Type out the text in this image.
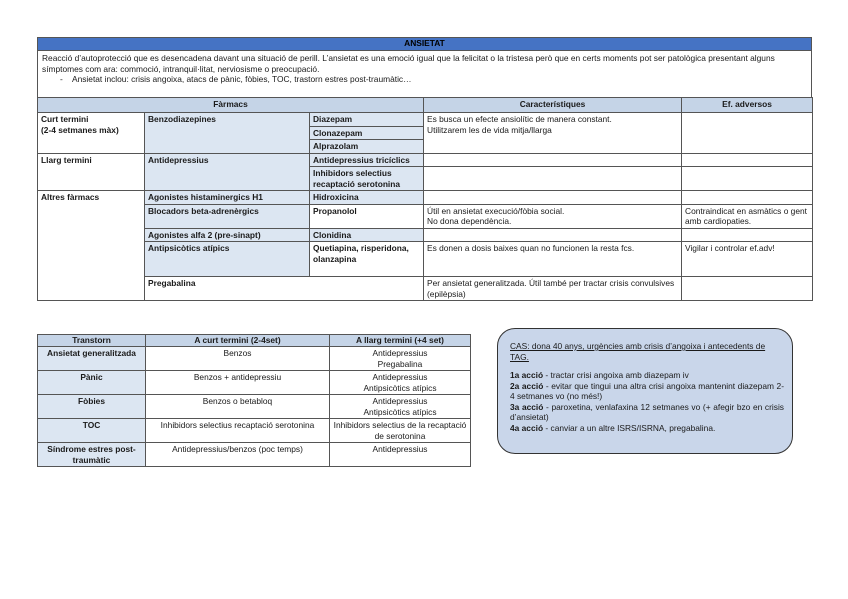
ANSIETAT

Reacció d’autoprotecció que es desencadena davant una situació de perill. L’ansietat es una emoció igual que la felicitat o la tristesa però que en certs moments pot ser patològica presentant alguns símptomes com ara: commoció, intranquil·litat, nerviosisme o preocupació.
- Ansietat inclou: crisis angoixa, atacs de pànic, fòbies, TOC, trastorn estres post-traumàtic…
Fàrmacs			Característiques	Ef. adversos
Curt termini
(2-4 setmanes màx)	Benzodiazepines	Diazepam	Es busca un efecte ansiolític de manera constant.
Utilitzarem les de vida mitja/llarga	
		Clonazepam		
		Alprazolam		
Llarg termini	Antidepressius	Antidepressius tricíclics		
		Inhibidors selectius recaptació serotonina		
Altres fàrmacs	Agonistes histaminergics H1	Hidroxicina		
	Blocadors beta-adrenèrgics	Propanolol	Útil en ansietat execució/fòbia social.
No dona dependència.	Contraindicat en asmàtics o gent amb cardiopaties.
	Agonistes alfa 2 (pre-sinapt)	Clonidina		
	Antipsicòtics atípics	Quetiapina, risperidona, olanzapina	Es donen a dosis baixes quan no funcionen la resta fcs.	Vigilar i controlar ef.adv!
	Pregabalina		Per ansietat generalitzada. Útil també per tractar crisis convulsives (epilèpsia)	
Transtorn	A curt termini (2-4set)	A llarg termini (+4 set)
Ansietat generalitzada	Benzos	Antidepressius
Pregabalina
Pànic	Benzos + antidepressiu	Antidepressius
Antipsicòtics atípics
Fòbies	Benzos o betabloq	Antidepressius
Antipsicòtics atípics
TOC	Inhibidors selectius recaptació serotonina	Inhibidors selectius de la recaptació de serotonina
Síndrome estres post-traumàtic	Antidepressius/benzos (poc temps)	Antidepressius
CAS: dona 40 anys, urgències amb crisis d’angoixa i antecedents de TAG.
1a acció - tractar crisi angoixa amb diazepam iv
2a acció - evitar que tingui una altra crisi angoixa mantenint diazepam 2-4 setmanes vo (no més!)
3a acció - paroxetina, venlafaxina 12 setmanes vo (+ afegir bzo en crisis d’ansietat)
4a acció - canviar a un altre ISRS/ISRNA, pregabalina.
